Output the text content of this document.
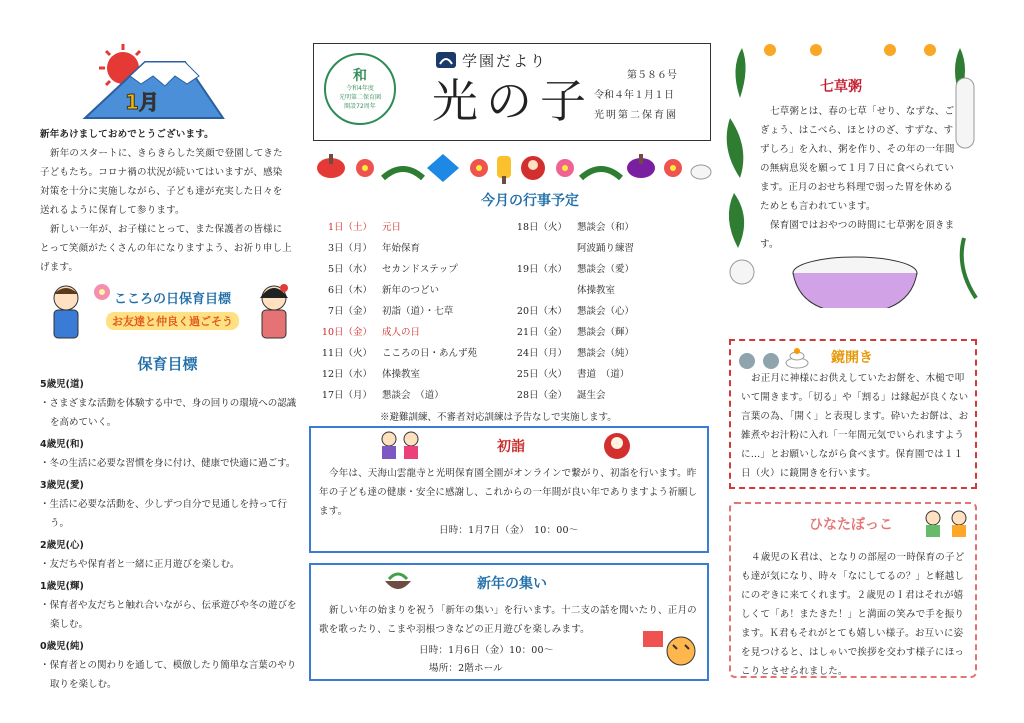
1月

新年あけましておめでとうございます。

新年のスタートに、きらきらした笑顔で登園してきた子どもたち。コロナ禍の状況が続いてはいますが、感染対策を十分に実施しながら、子ども達が充実した日々を送れるように保育して参ります。

新しい一年が、お子様にとって、また保護者の皆様にとって笑顔がたくさんの年になりますよう、お祈り申し上げます。

こころの日保育目標
お友達と仲良く過ごそう
保育目標
5歳児(道)
・さまざまな活動を体験する中で、身の回りの環境への認識を高めていく。
4歳児(和)
・冬の生活に必要な習慣を身に付け、健康で快適に過ごす。
3歳児(愛)
・生活に必要な活動を、少しずつ自分で見通しを持って行う。
2歳児(心)
・友だちや保育者と一緒に正月遊びを楽しむ。
1歳児(輝)
・保育者や友だちと触れ合いながら、伝承遊びや冬の遊びを楽しむ。
0歳児(純)
・保育者との関わりを通して、模倣したり簡単な言葉のやり取りを楽しむ。
和
令和4年度
光明第二保育園
開設72周年
学園だより
光の子	第５８６号
令和４年１月１日
光明第二保育園
今月の行事予定
1日（土） 元日
3日（月） 年始保育
5日（水） セカンドステップ
6日（木） 新年のつどい
7日（金） 初詣（道）・七草
10日（金） 成人の日
11日（火） こころの日・あんず苑
12日（水） 体操教室
17日（月） 懇談会　（道）
18日（火） 懇談会（和）
阿波踊り練習
19日（水） 懇談会（愛）
体操教室
20日（木） 懇談会（心）
21日（金） 懇談会（輝）
24日（月） 懇談会（純）
25日（火） 書道　（道）
28日（金） 誕生会
※避難訓練、不審者対応訓練は予告なしで実施します。
初詣
今年は、天海山雲龍寺と光明保育園全園がオンラインで繋がり、初詣を行います。昨年の子ども達の健康・安全に感謝し、これからの一年間が良い年でありますよう祈願します。
日時：1月7日（金）　10：00〜
新年の集い
新しい年の始まりを祝う「新年の集い」を行います。十二支の話を聞いたり、正月の歌を歌ったり、こまや羽根つきなどの正月遊びを楽しみます。
日時：1月6日（金）10：00〜
場所：2階ホール
七草粥

七草粥とは、春の七草「せり、なずな、ごぎょう、はこべら、ほとけのざ、すずな、すずしろ」を入れ、粥を作り、その年の一年間の無病息災を願って１月７日に食べられています。正月のおせち料理で弱った胃を休めるためとも言われています。

保育園ではおやつの時間に七草粥を頂きます。

鏡開き
お正月に神様にお供えしていたお餅を、木槌で叩いて開きます。「切る」や「割る」は縁起が良くない言葉の為、「開く」と表現します。砕いたお餅は、お雑煮やお汁粉に入れ「一年間元気でいられますように…」とお願いしながら食べます。保育園では１１日（火）に鏡開きを行います。
ひなたぼっこ
４歳児のＫ君は、となりの部屋の一時保育の子ども達が気になり、時々「なにしてるの？」と軽越しにのぞきに来てくれます。２歳児のＩ君はそれが嬉しくて「あ！またきた！」と満面の笑みで手を振ります。Ｋ君もそれがとても嬉しい様子。お互いに姿を見つけると、はしゃいで挨拶を交わす様子にほっこりとさせられました。
